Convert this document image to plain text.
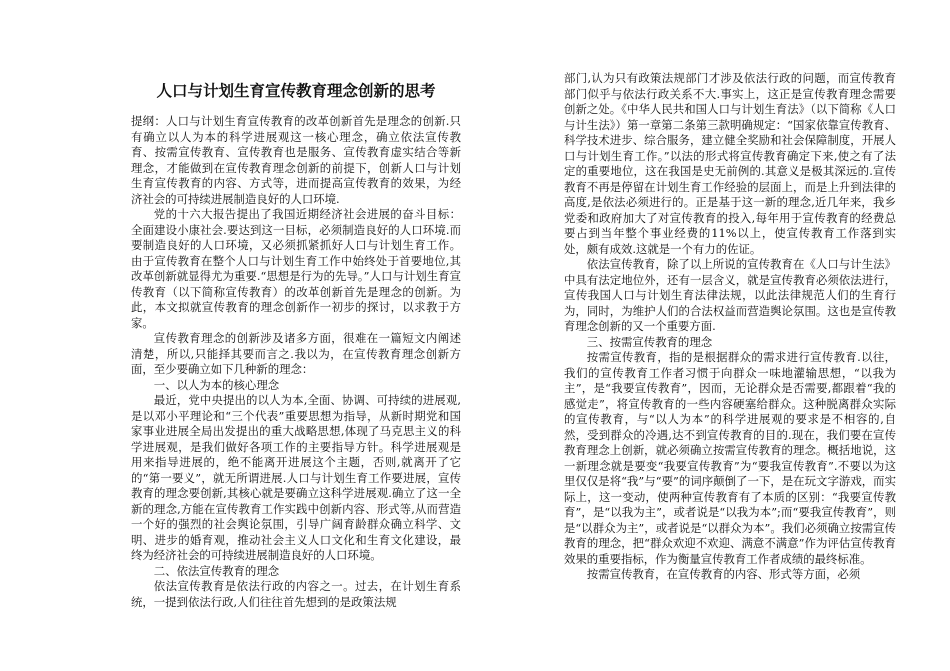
人口与计划生育宣传教育理念创新的思考

提纲：人口与计划生育宣传教育的改革创新首先是理念的创新.只有确立以人为本的科学进展观这一核心理念，确立依法宣传教育、按需宣传教育、宣传教育也是服务、宣传教育虚实结合等新理念，才能做到在宣传教育理念创新的前提下，创新人口与计划生育宣传教育的内容、方式等，进而提高宣传教育的效果，为经济社会的可持续进展制造良好的人口环境.

党的十六大报告提出了我国近期经济社会进展的奋斗目标：全面建设小康社会.要达到这一目标，必须制造良好的人口环境.而要制造良好的人口环境，又必须抓紧抓好人口与计划生育工作。由于宣传教育在整个人口与计划生育工作中始终处于首要地位,其改革创新就显得尤为重要.“思想是行为的先导。”人口与计划生育宣传教育（以下简称宣传教育）的改革创新首先是理念的创新。为此，本文拟就宣传教育的理念创新作一初步的探讨，以求教于方家。

宣传教育理念的创新涉及诸多方面，很难在一篇短文内阐述清楚，所以,只能择其要而言之.我以为，在宣传教育理念创新方面，至少要确立如下几种新的理念：

一、以人为本的核心理念

最近，党中央提出的以人为本,全面、协调、可持续的进展观,是以邓小平理论和“三个代表”重要思想为指导，从新时期党和国家事业进展全局出发提出的重大战略思想,体现了马克思主义的科学进展观，是我们做好各项工作的主要指导方针。科学进展观是用来指导进展的，绝不能离开进展这个主题，否则,就离开了它的“第一要义”，就无所谓进展.人口与计划生育工作要进展，宣传教育的理念要创新,其核心就是要确立这科学进展观.确立了这一全新的理念,方能在宣传教育工作实践中创新内容、形式等,从而营造一个好的强烈的社会舆论氛围，引导广阔育龄群众确立科学、文明、进步的婚育观，推动社会主义人口文化和生育文化建设，最终为经济社会的可持续进展制造良好的人口环境。

二、依法宣传教育的理念

依法宣传教育是依法行政的内容之一。过去，在计划生育系统，一提到依法行政,人们往往首先想到的是政策法规

部门,认为只有政策法规部门才涉及依法行政的问题，而宣传教育部门似乎与依法行政关系不大.事实上，这正是宣传教育理念需要创新之处。《中华人民共和国人口与计划生育法》（以下简称《人口与计生法》）第一章第二条第三款明确规定：“国家依靠宣传教育、科学技术进步、综合服务，建立健全奖励和社会保障制度，开展人口与计划生育工作。”以法的形式将宣传教育确定下来,使之有了法定的重要地位，这在我国是史无前例的.其意义是极其深远的.宣传教育不再是停留在计划生育工作经验的层面上，而是上升到法律的高度,是依法必须进行的。正是基于这一新的理念,近几年来，我乡党委和政府加大了对宣传教育的投入,每年用于宣传教育的经费总要占到当年整个事业经费的11%以上，使宣传教育工作落到实处，颇有成效.这就是一个有力的佐证。

依法宣传教育，除了以上所说的宣传教育在《人口与计生法》中具有法定地位外，还有一层含义，就是宣传教育必须依法进行，宣传我国人口与计划生育法律法规，以此法律规范人们的生育行为，同时，为维护人们的合法权益而营造舆论氛围。这也是宣传教育理念创新的又一个重要方面.

三、按需宣传教育的理念

按需宣传教育，指的是根据群众的需求进行宣传教育.以往，我们的宣传教育工作者习惯于向群众一味地灌输思想，“以我为主”，是“我要宣传教育”，因而，无论群众是否需要,都跟着“我的感觉走”，将宣传教育的一些内容硬塞给群众。这种脱离群众实际的宣传教育，与“以人为本”的科学进展观的要求是不相容的,自然，受到群众的冷遇,达不到宣传教育的目的.现在，我们要在宣传教育理念上创新，就必须确立按需宣传教育的理念。概括地说，这一新理念就是要变“我要宣传教育”为“要我宣传教育”.不要以为这里仅仅是将“我”与“要”的词序颠倒了一下，是在玩文字游戏，而实际上，这一变动，使两种宣传教育有了本质的区别：“我要宣传教育”，是“以我为主”，或者说是“以我为本”;而“要我宣传教育”，则是“以群众为主”，或者说是“以群众为本”。我们必须确立按需宣传教育的理念，把“群众欢迎不欢迎、满意不满意”作为评估宣传教育效果的重要指标，作为衡量宣传教育工作者成绩的最终标准。

按需宣传教育，在宣传教育的内容、形式等方面，必须
